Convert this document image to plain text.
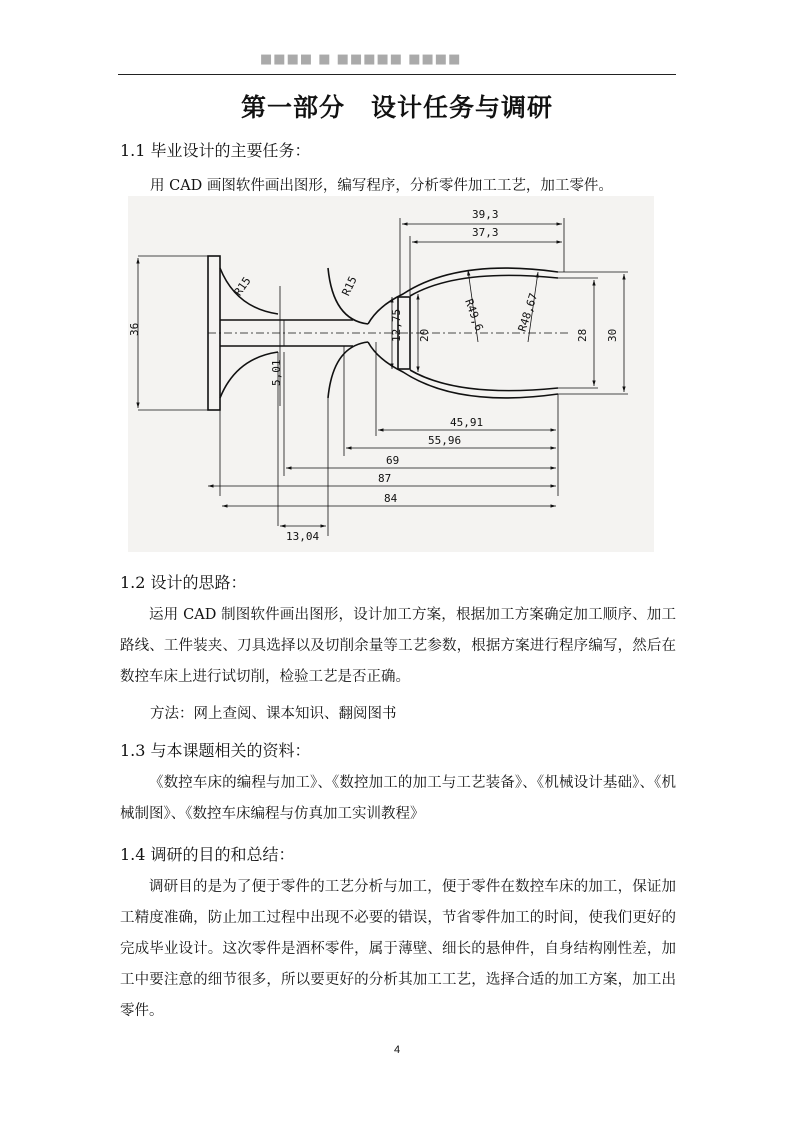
■■■■ ■ ■■■■■ ■■■■
第一部分　设计任务与调研
1.1 毕业设计的主要任务：
用 CAD 画图软件画出图形，编写程序，分析零件加工工艺，加工零件。
39,3
37,3
R15	R15
R49,6	R48,67
36	12,75 20	28 30
5,01
45,91
55,96
69
87
84
13,04
1.2 设计的思路：
运用 CAD 制图软件画出图形，设计加工方案，根据加工方案确定加工顺序、加工路线、工件装夹、刀具选择以及切削余量等工艺参数，根据方案进行程序编写，然后在数控车床上进行试切削，检验工艺是否正确。
方法：网上查阅、课本知识、翻阅图书
1.3 与本课题相关的资料：
《数控车床的编程与加工》、《数控加工的加工与工艺装备》、《机械设计基础》、《机械制图》、《数控车床编程与仿真加工实训教程》
1.4 调研的目的和总结：
调研目的是为了便于零件的工艺分析与加工，便于零件在数控车床的加工，保证加工精度准确，防止加工过程中出现不必要的错误，节省零件加工的时间，使我们更好的完成毕业设计。这次零件是酒杯零件，属于薄壁、细长的悬伸件，自身结构刚性差，加工中要注意的细节很多，所以要更好的分析其加工工艺，选择合适的加工方案，加工出零件。
4
